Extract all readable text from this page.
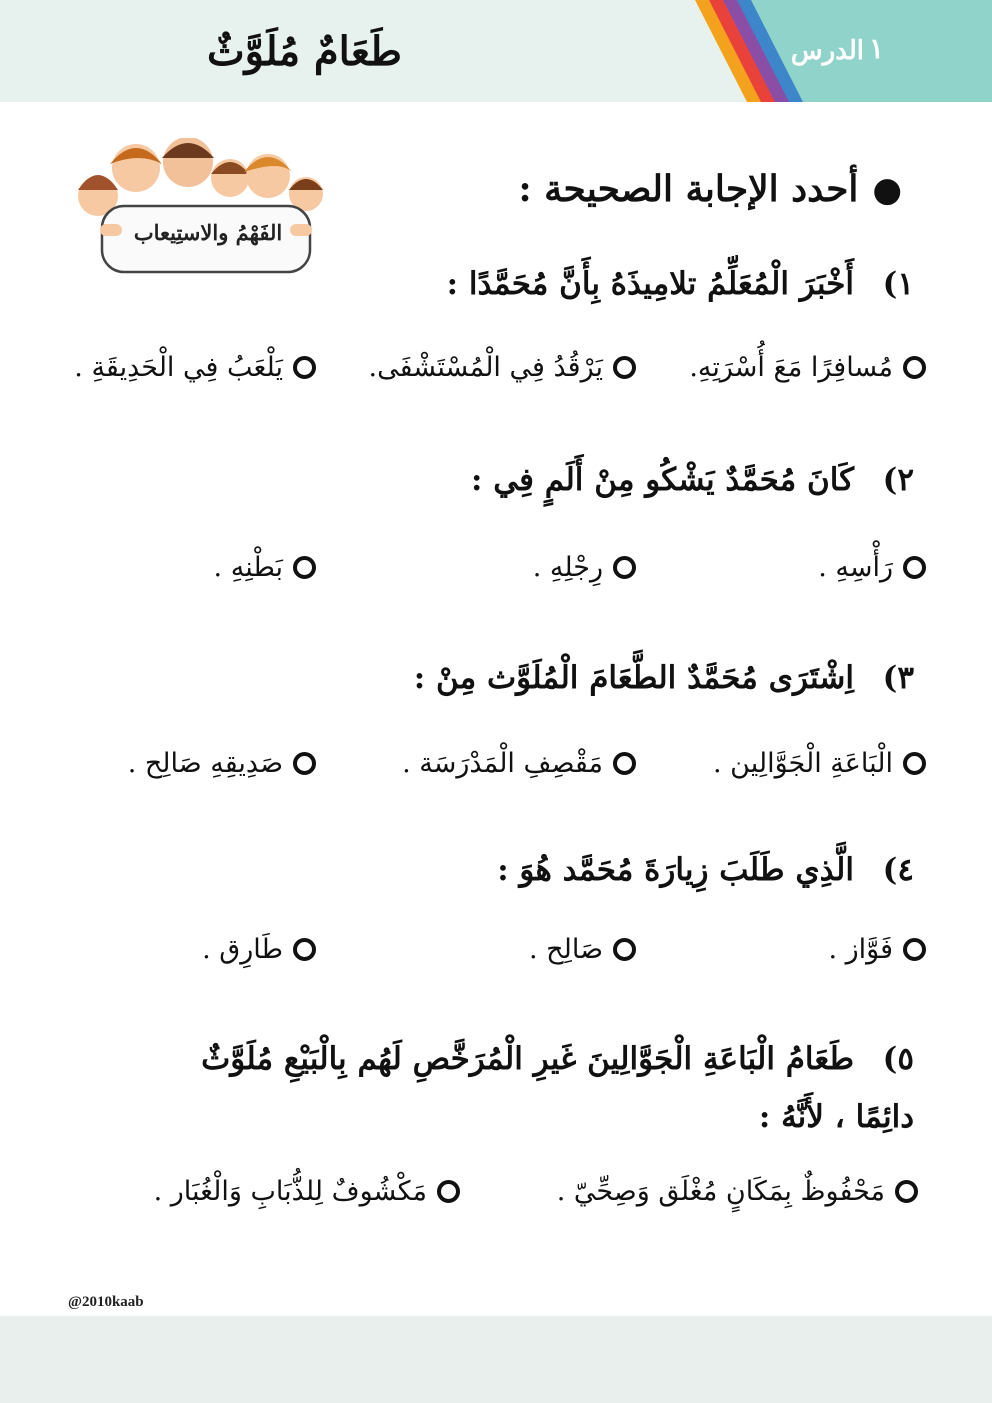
طَعَامٌ مُلَوَّثٌ	الدرس ١
الفَهْمُ والاستِيعاب
●أحدد الإجابة الصحيحة :
١)أَخْبَرَ الْمُعَلِّمُ تلامِيذَهُ بِأَنَّ مُحَمَّدًا :
مُسافِرًا مَعَ أُسْرَتِهِ.
يَرْقُدُ فِي الْمُسْتَشْفَى.
يَلْعَبُ فِي الْحَدِيقَةِ .
٢)كَانَ مُحَمَّدٌ يَشْكُو مِنْ أَلَمٍ فِي :
رَأْسِهِ .
رِجْلِهِ .
بَطْنِهِ .
٣)اِشْتَرَى مُحَمَّدٌ الطَّعَامَ الْمُلَوَّث مِنْ :
الْبَاعَةِ الْجَوَّالِين .
مَقْصِفِ الْمَدْرَسَة .
صَدِيقِهِ صَالِح .
٤)الَّذِي طَلَبَ زِيارَةَ مُحَمَّد هُوَ :
فَوَّاز .
صَالِح .
طَارِق .
٥)طَعَامُ الْبَاعَةِ الْجَوَّالِينَ غَيرِ الْمُرَخَّصِ لَهُم بِالْبَيْعِ مُلَوَّثٌ دائِمًا ، لأَنَّهُ :
مَحْفُوظٌ بِمَكَانٍ مُغْلَق وَصِحِّيّ .
مَكْشُوفٌ لِلذُّبَابِ وَالْغُبَار .
@2010kaab
